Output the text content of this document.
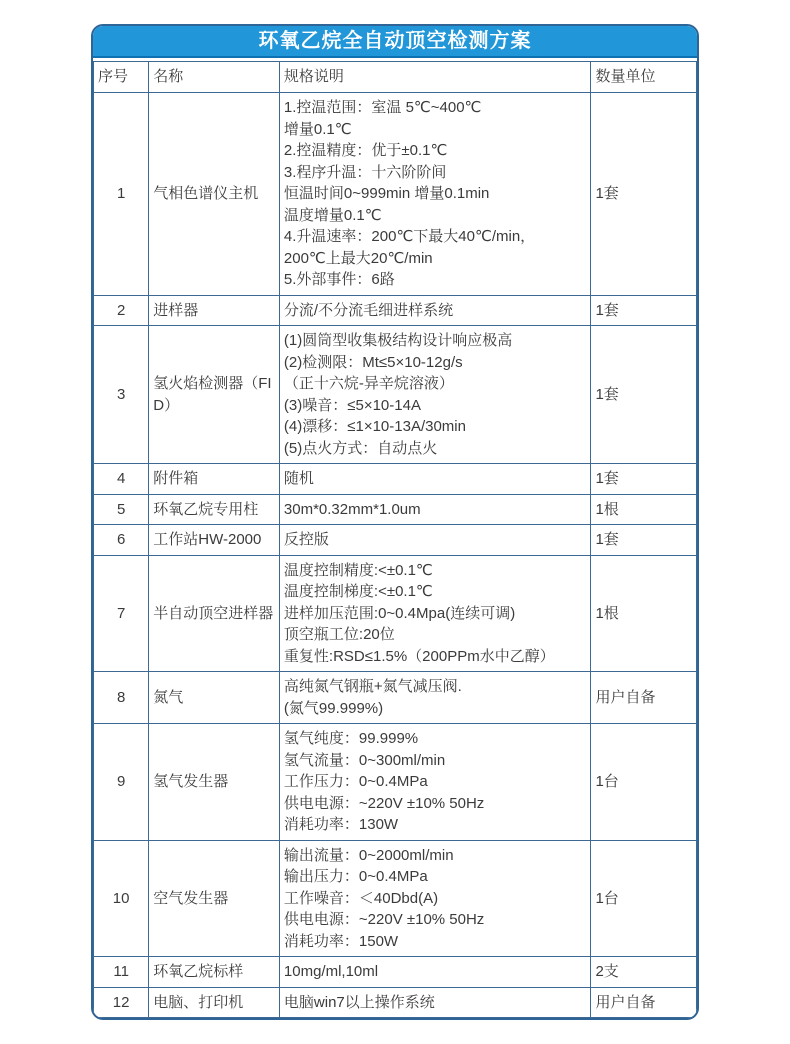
环氧乙烷全自动顶空检测方案
序号	名称	规格说明	数量单位
1	气相色谱仪主机	
1.控温范围：室温 5℃~400℃
增量0.1℃
2.控温精度：优于±0.1℃
3.程序升温：十六阶阶间
恒温时间0~999min 增量0.1min
温度增量0.1℃
4.升温速率：200℃下最大40℃/min，
200℃上最大20℃/min
5.外部事件：6路
	1套
2	进样器	分流/不分流毛细进样系统	1套
3	氢火焰检测器（FID）	
(1)圆筒型收集极结构设计响应极高
(2)检测限：Mt≤5×10-12g/s
（正十六烷-异辛烷溶液）
(3)噪音：≤5×10-14A
(4)漂移：≤1×10-13A/30min
(5)点火方式：自动点火
	1套
4	附件箱	随机	1套
5	环氧乙烷专用柱	30m*0.32mm*1.0um	1根
6	工作站HW-2000	反控版	1套
7	半自动顶空进样器	温度控制精度:<±0.1℃
温度控制梯度:<±0.1℃
进样加压范围:0~0.4Mpa(连续可调)
顶空瓶工位:20位
重复性:RSD≤1.5%（200PPm水中乙醇）	1根
8	氮气	高纯氮气钢瓶+氮气减压阀.
(氮气99.999%)	用户自备
9	氢气发生器	氢气纯度：99.999%
氢气流量：0~300ml/min
工作压力：0~0.4MPa
供电电源：~220V ±10% 50Hz
消耗功率：130W	1台
10	空气发生器	输出流量：0~2000ml/min
输出压力：0~0.4MPa
工作噪音：＜40Dbd(A)
供电电源：~220V ±10% 50Hz
消耗功率：150W	1台
11	环氧乙烷标样	10mg/ml,10ml	2支
12	电脑、打印机	电脑win7以上操作系统	用户自备
